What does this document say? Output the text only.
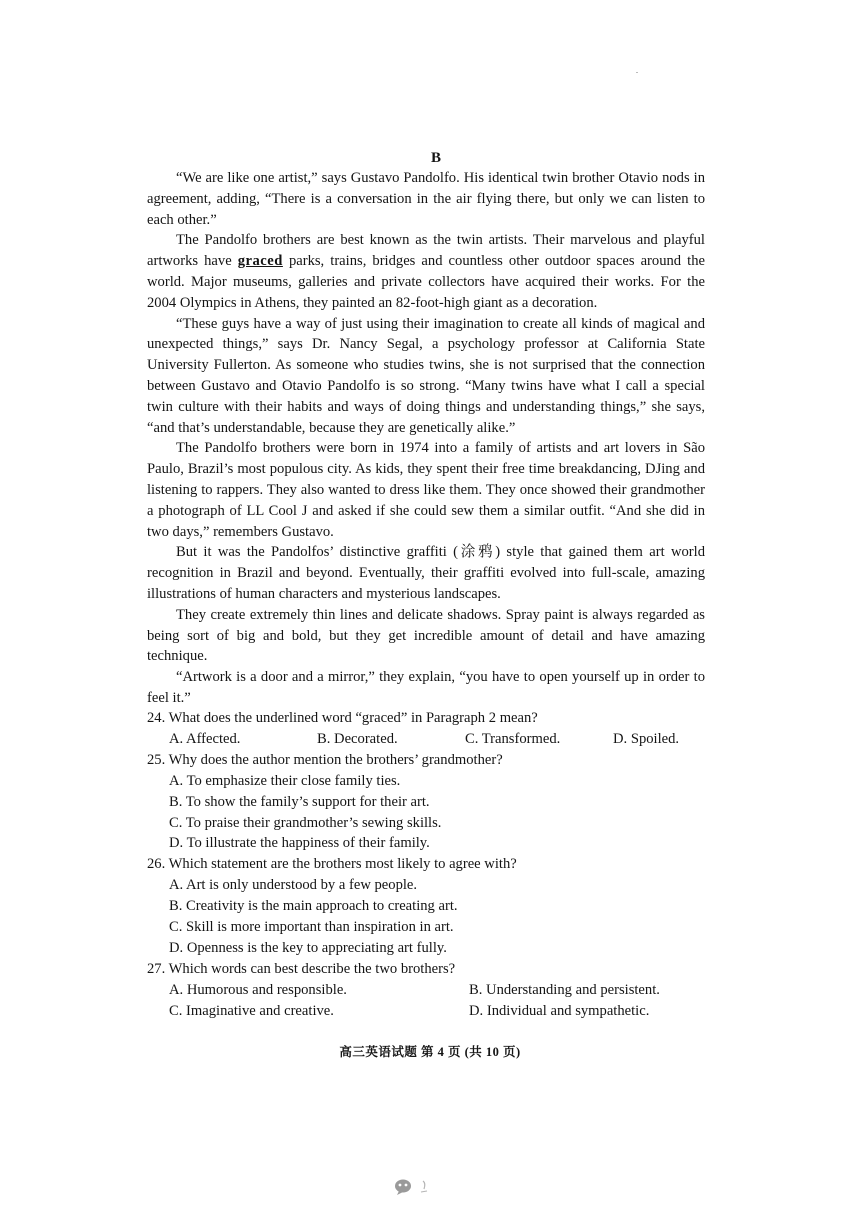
B

“We are like one artist,” says Gustavo Pandolfo. His identical twin brother Otavio nods in agreement, adding, “There is a conversation in the air flying there, but only we can listen to each other.”

The Pandolfo brothers are best known as the twin artists. Their marvelous and playful artworks have graced parks, trains, bridges and countless other outdoor spaces around the world. Major museums, galleries and private collectors have acquired their works. For the 2004 Olympics in Athens, they painted an 82-foot-high giant as a decoration.

“These guys have a way of just using their imagination to create all kinds of magical and unexpected things,” says Dr. Nancy Segal, a psychology professor at California State University Fullerton. As someone who studies twins, she is not surprised that the connection between Gustavo and Otavio Pandolfo is so strong. “Many twins have what I call a special twin culture with their habits and ways of doing things and understanding things,” she says, “and that’s understandable, because they are genetically alike.”

The Pandolfo brothers were born in 1974 into a family of artists and art lovers in São Paulo, Brazil’s most populous city. As kids, they spent their free time breakdancing, DJing and listening to rappers. They also wanted to dress like them. They once showed their grandmother a photograph of LL Cool J and asked if she could sew them a similar outfit. “And she did in two days,” remembers Gustavo.

But it was the Pandolfos’ distinctive graffiti (涂鸦) style that gained them art world recognition in Brazil and beyond. Eventually, their graffiti evolved into full-scale, amazing illustrations of human characters and mysterious landscapes.

They create extremely thin lines and delicate shadows. Spray paint is always regarded as being sort of big and bold, but they get incredible amount of detail and have amazing technique.

“Artwork is a door and a mirror,” they explain, “you have to open yourself up in order to feel it.”

24. What does the underlined word “graced” in Paragraph 2 mean?

A. Affected.	B. Decorated.	C. Transformed.	D. Spoiled.

25. Why does the author mention the brothers’ grandmother?

A. To emphasize their close family ties.
B. To show the family’s support for their art.
C. To praise their grandmother’s sewing skills.
D. To illustrate the happiness of their family.

26. Which statement are the brothers most likely to agree with?

A. Art is only understood by a few people.
B. Creativity is the main approach to creating art.
C. Skill is more important than inspiration in art.
D. Openness is the key to appreciating art fully.

27. Which words can best describe the two brothers?

A. Humorous and responsible.	B. Understanding and persistent.
C. Imaginative and creative.	D. Individual and sympathetic.
高三英语试题 第 4 页 (共 10 页)
